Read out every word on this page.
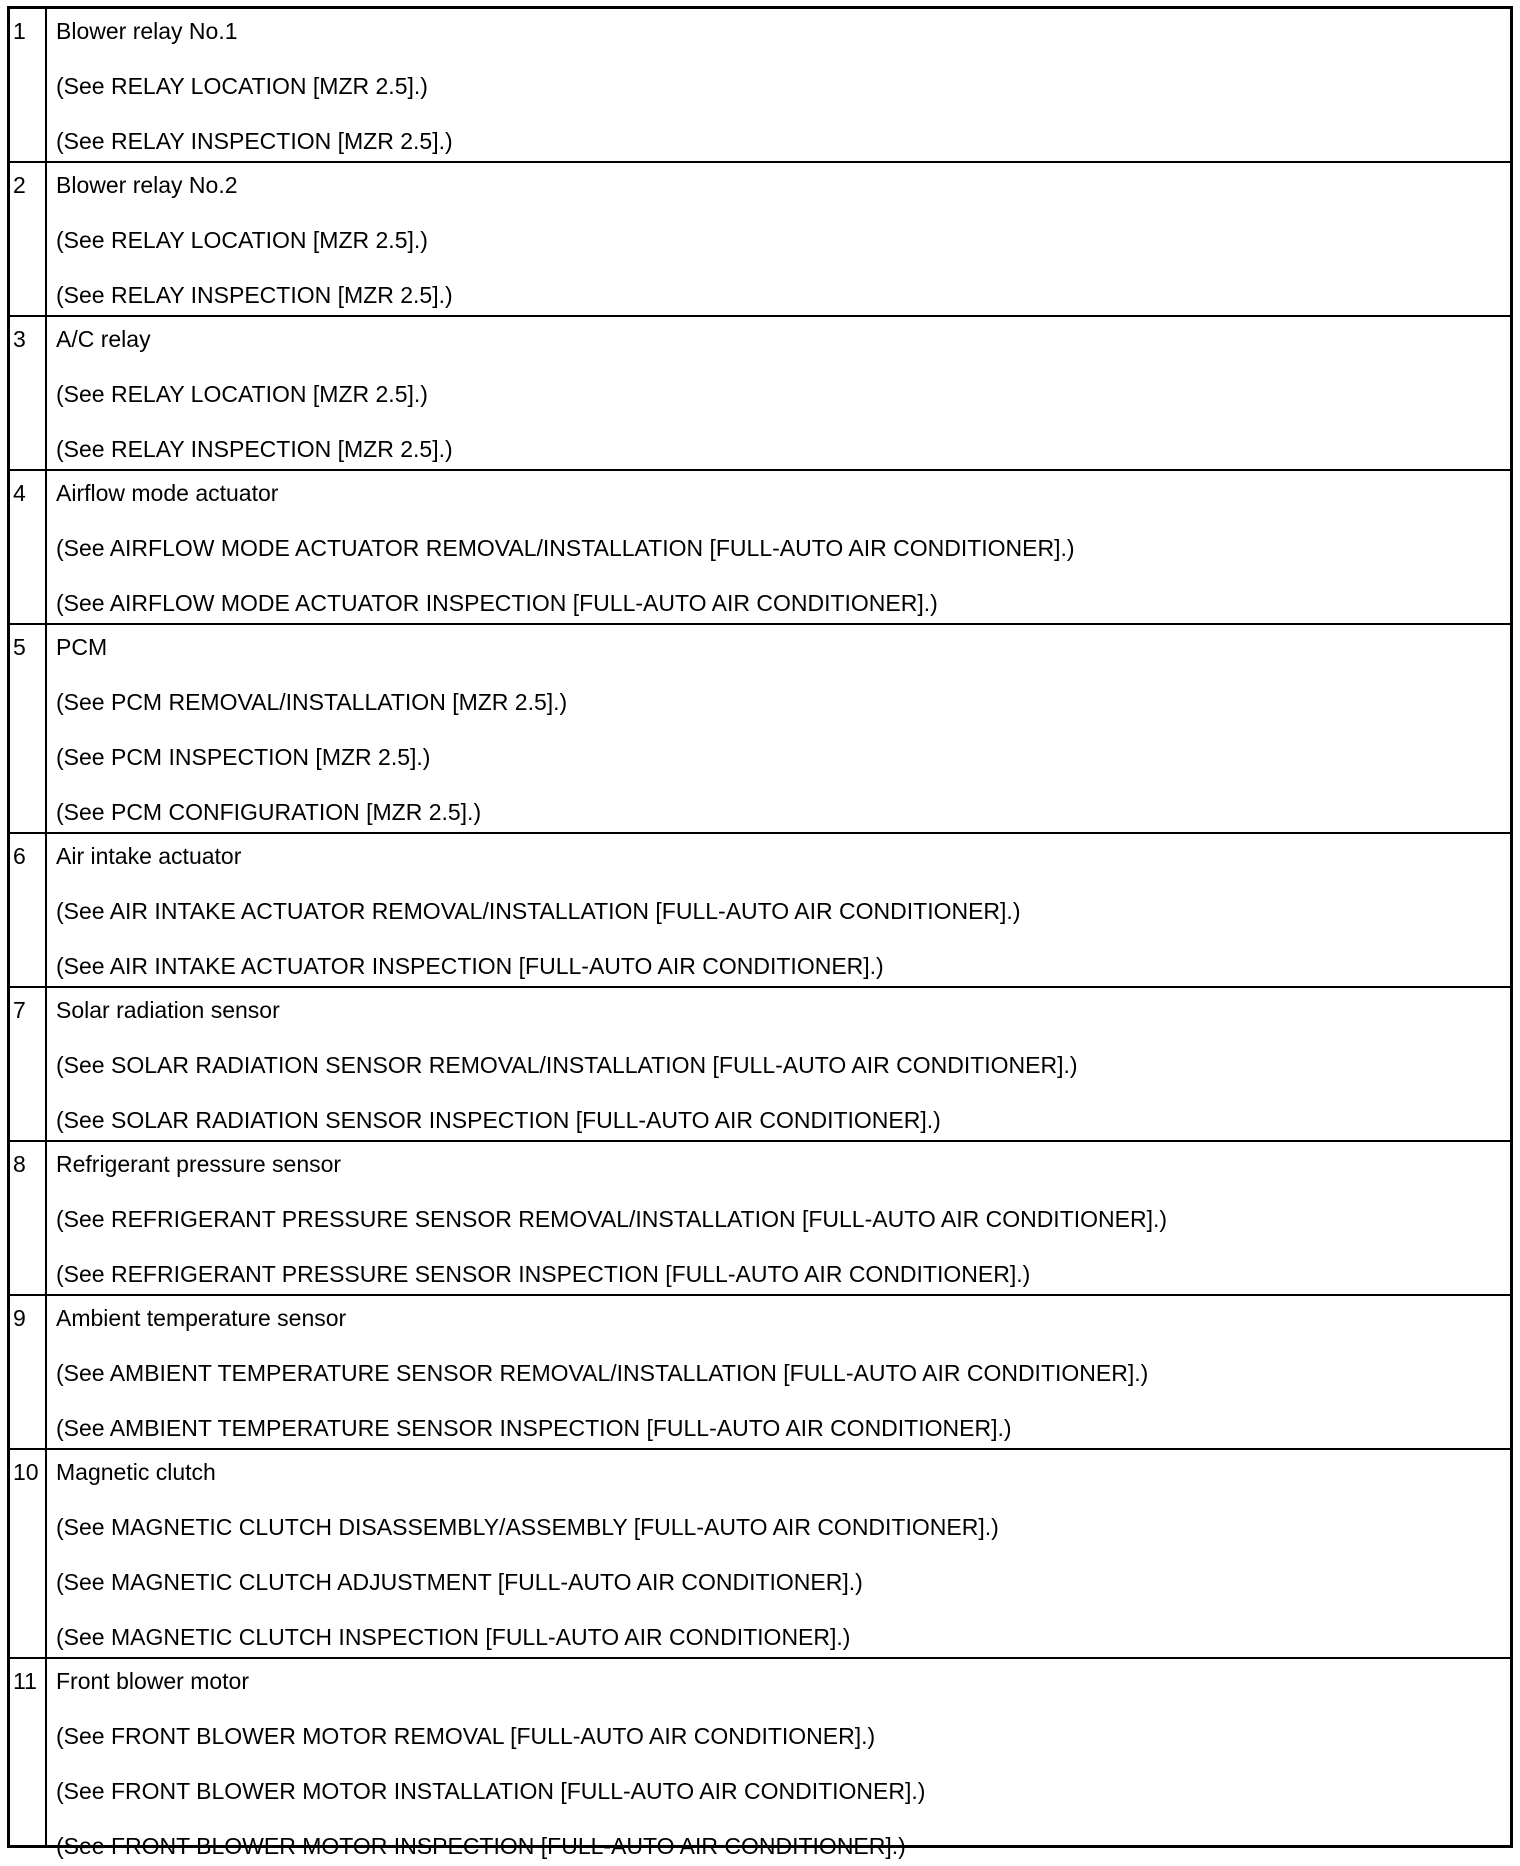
1	Blower relay No.1
(See RELAY LOCATION [MZR 2.5].)
(See RELAY INSPECTION [MZR 2.5].)

2	Blower relay No.2
(See RELAY LOCATION [MZR 2.5].)
(See RELAY INSPECTION [MZR 2.5].)

3	A/C relay
(See RELAY LOCATION [MZR 2.5].)
(See RELAY INSPECTION [MZR 2.5].)

4	Airflow mode actuator
(See AIRFLOW MODE ACTUATOR REMOVAL/INSTALLATION [FULL-AUTO AIR CONDITIONER].)
(See AIRFLOW MODE ACTUATOR INSPECTION [FULL-AUTO AIR CONDITIONER].)

5	PCM
(See PCM REMOVAL/INSTALLATION [MZR 2.5].)
(See PCM INSPECTION [MZR 2.5].)
(See PCM CONFIGURATION [MZR 2.5].)

6	Air intake actuator
(See AIR INTAKE ACTUATOR REMOVAL/INSTALLATION [FULL-AUTO AIR CONDITIONER].)
(See AIR INTAKE ACTUATOR INSPECTION [FULL-AUTO AIR CONDITIONER].)

7	Solar radiation sensor
(See SOLAR RADIATION SENSOR REMOVAL/INSTALLATION [FULL-AUTO AIR CONDITIONER].)
(See SOLAR RADIATION SENSOR INSPECTION [FULL-AUTO AIR CONDITIONER].)

8	Refrigerant pressure sensor
(See REFRIGERANT PRESSURE SENSOR REMOVAL/INSTALLATION [FULL-AUTO AIR CONDITIONER].)
(See REFRIGERANT PRESSURE SENSOR INSPECTION [FULL-AUTO AIR CONDITIONER].)

9	Ambient temperature sensor
(See AMBIENT TEMPERATURE SENSOR REMOVAL/INSTALLATION [FULL-AUTO AIR CONDITIONER].)
(See AMBIENT TEMPERATURE SENSOR INSPECTION [FULL-AUTO AIR CONDITIONER].)

10	Magnetic clutch
(See MAGNETIC CLUTCH DISASSEMBLY/ASSEMBLY [FULL-AUTO AIR CONDITIONER].)
(See MAGNETIC CLUTCH ADJUSTMENT [FULL-AUTO AIR CONDITIONER].)
(See MAGNETIC CLUTCH INSPECTION [FULL-AUTO AIR CONDITIONER].)

11	Front blower motor
(See FRONT BLOWER MOTOR REMOVAL [FULL-AUTO AIR CONDITIONER].)
(See FRONT BLOWER MOTOR INSTALLATION [FULL-AUTO AIR CONDITIONER].)
(See FRONT BLOWER MOTOR INSPECTION [FULL-AUTO AIR CONDITIONER].)
